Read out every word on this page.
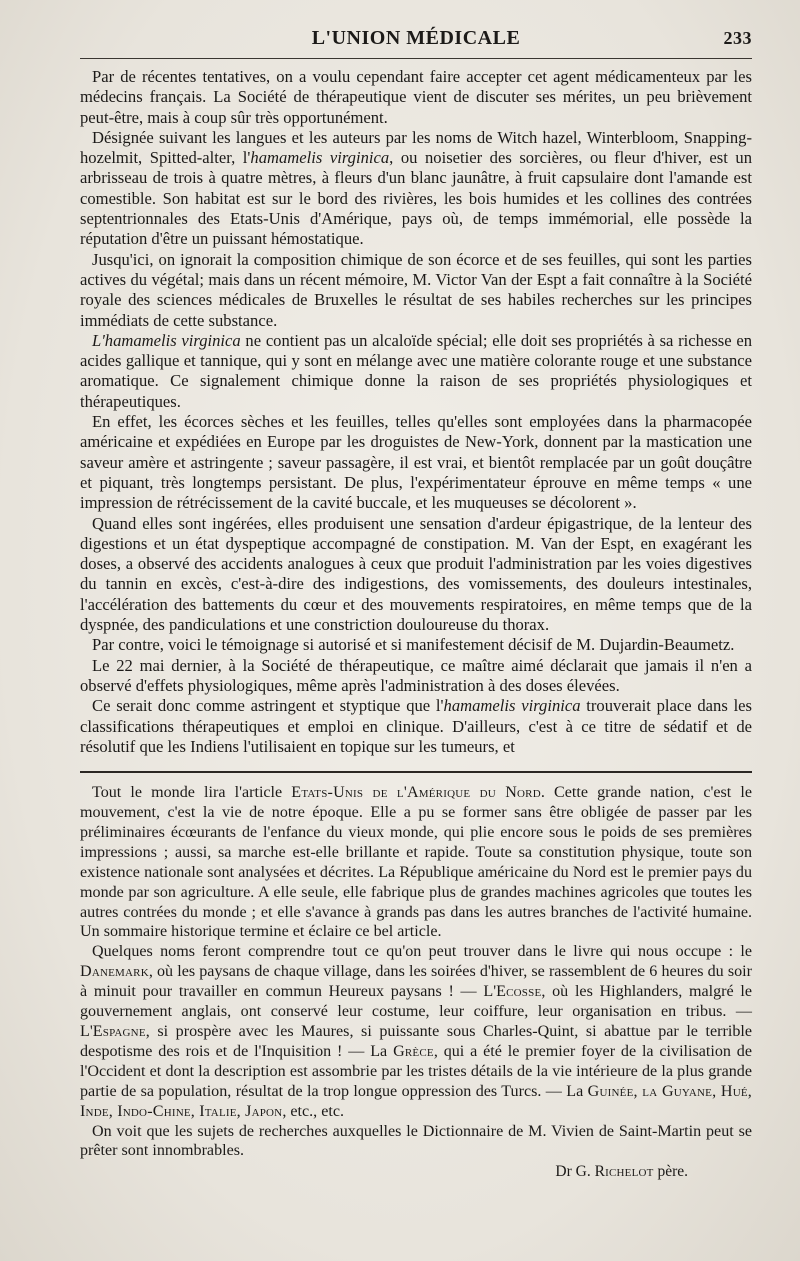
L'UNION MÉDICALE	233

Par de récentes tentatives, on a voulu cependant faire accepter cet agent médicamenteux par les médecins français. La Société de thérapeutique vient de discuter ses mérites, un peu brièvement peut-être, mais à coup sûr très opportunément.

Désignée suivant les langues et les auteurs par les noms de Witch hazel, Winterbloom, Snapping-hozelmit, Spitted-alter, l'hamamelis virginica, ou noisetier des sorcières, ou fleur d'hiver, est un arbrisseau de trois à quatre mètres, à fleurs d'un blanc jaunâtre, à fruit capsulaire dont l'amande est comestible. Son habitat est sur le bord des rivières, les bois humides et les collines des contrées septentrionnales des Etats-Unis d'Amérique, pays où, de temps immémorial, elle possède la réputation d'être un puissant hémostatique.

Jusqu'ici, on ignorait la composition chimique de son écorce et de ses feuilles, qui sont les parties actives du végétal; mais dans un récent mémoire, M. Victor Van der Espt a fait connaître à la Société royale des sciences médicales de Bruxelles le résultat de ses habiles recherches sur les principes immédiats de cette substance.

L'hamamelis virginica ne contient pas un alcaloïde spécial; elle doit ses propriétés à sa richesse en acides gallique et tannique, qui y sont en mélange avec une matière colorante rouge et une substance aromatique. Ce signalement chimique donne la raison de ses propriétés physiologiques et thérapeutiques.

En effet, les écorces sèches et les feuilles, telles qu'elles sont employées dans la pharmacopée américaine et expédiées en Europe par les droguistes de New-York, donnent par la mastication une saveur amère et astringente ; saveur passagère, il est vrai, et bientôt remplacée par un goût douçâtre et piquant, très longtemps persistant. De plus, l'expérimentateur éprouve en même temps « une impression de rétrécissement de la cavité buccale, et les muqueuses se décolorent ».

Quand elles sont ingérées, elles produisent une sensation d'ardeur épigastrique, de la lenteur des digestions et un état dyspeptique accompagné de constipation. M. Van der Espt, en exagérant les doses, a observé des accidents analogues à ceux que produit l'administration par les voies digestives du tannin en excès, c'est-à-dire des indigestions, des vomissements, des douleurs intestinales, l'accélération des battements du cœur et des mouvements respiratoires, en même temps que de la dyspnée, des pandiculations et une constriction douloureuse du thorax.

Par contre, voici le témoignage si autorisé et si manifestement décisif de M. Dujardin-Beaumetz.

Le 22 mai dernier, à la Société de thérapeutique, ce maître aimé déclarait que jamais il n'en a observé d'effets physiologiques, même après l'administration à des doses élevées.

Ce serait donc comme astringent et styptique que l'hamamelis virginica trouverait place dans les classifications thérapeutiques et emploi en clinique. D'ailleurs, c'est à ce titre de sédatif et de résolutif que les Indiens l'utilisaient en topique sur les tumeurs, et

Tout le monde lira l'article Etats-Unis de l'Amérique du Nord. Cette grande nation, c'est le mouvement, c'est la vie de notre époque. Elle a pu se former sans être obligée de passer par les préliminaires écœurants de l'enfance du vieux monde, qui plie encore sous le poids de ses premières impressions ; aussi, sa marche est-elle brillante et rapide. Toute sa constitution physique, toute son existence nationale sont analysées et décrites. La République américaine du Nord est le premier pays du monde par son agriculture. A elle seule, elle fabrique plus de grandes machines agricoles que toutes les autres contrées du monde ; et elle s'avance à grands pas dans les autres branches de l'activité humaine. Un sommaire historique termine et éclaire ce bel article.

Quelques noms feront comprendre tout ce qu'on peut trouver dans le livre qui nous occupe : le Danemark, où les paysans de chaque village, dans les soirées d'hiver, se rassemblent de 6 heures du soir à minuit pour travailler en commun Heureux paysans ! — L'Ecosse, où les Highlanders, malgré le gouvernement anglais, ont conservé leur costume, leur coiffure, leur organisation en tribus. — L'Espagne, si prospère avec les Maures, si puissante sous Charles-Quint, si abattue par le terrible despotisme des rois et de l'Inquisition ! — La Grèce, qui a été le premier foyer de la civilisation de l'Occident et dont la description est assombrie par les tristes détails de la vie intérieure de la plus grande partie de sa population, résultat de la trop longue oppression des Turcs. — La Guinée, la Guyane, Hué, Inde, Indo-Chine, Italie, Japon, etc., etc.

On voit que les sujets de recherches auxquelles le Dictionnaire de M. Vivien de Saint-Martin peut se prêter sont innombrables.

Dr G. Richelot père.
